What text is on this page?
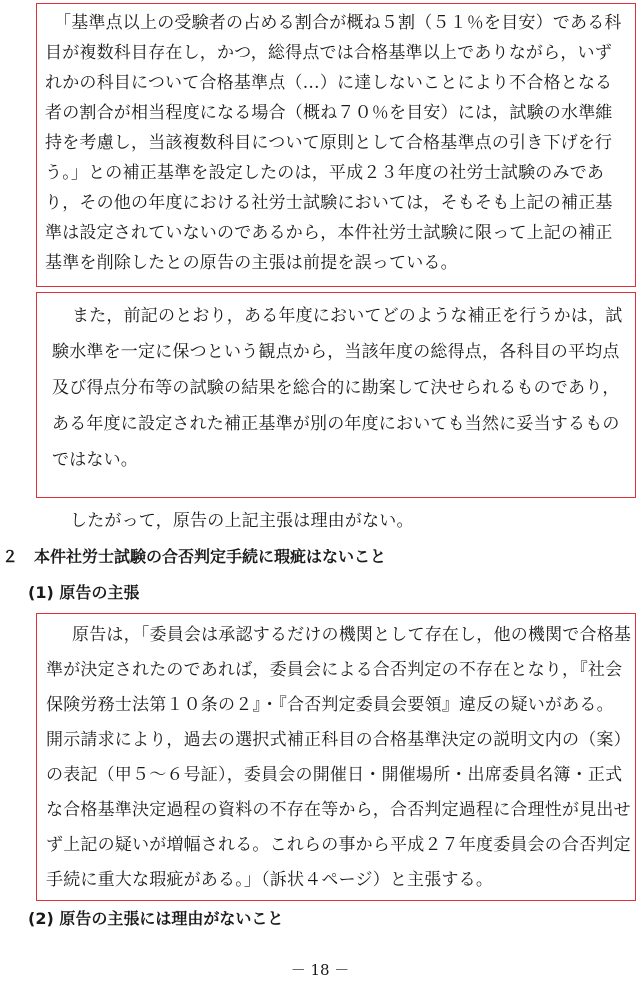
「基準点以上の受験者の占める割合が概ね５割（５１％を目安）である科
目が複数科目存在し，かつ，総得点では合格基準以上でありながら，いず
れかの科目について合格基準点（…）に達しないことにより不合格となる
者の割合が相当程度になる場合（概ね７０％を目安）には，試験の水準維
持を考慮し，当該複数科目について原則として合格基準点の引き下げを行
う。」との補正基準を設定したのは，平成２３年度の社労士試験のみであ
り，その他の年度における社労士試験においては，そもそも上記の補正基
準は設定されていないのであるから，本件社労士試験に限って上記の補正
基準を削除したとの原告の主張は前提を誤っている。
また，前記のとおり，ある年度においてどのような補正を行うかは，試
験水準を一定に保つという観点から，当該年度の総得点，各科目の平均点
及び得点分布等の試験の結果を総合的に勘案して決せられるものであり，
ある年度に設定された補正基準が別の年度においても当然に妥当するもの
ではない。
したがって，原告の上記主張は理由がない。
２　本件社労士試験の合否判定手続に瑕疵はないこと
(1) 原告の主張
原告は，「委員会は承認するだけの機関として存在し，他の機関で合格基
準が決定されたのであれば，委員会による合否判定の不存在となり，『社会
保険労務士法第１０条の２』・『合否判定委員会要領』違反の疑いがある。
開示請求により，過去の選択式補正科目の合格基準決定の説明文内の（案）
の表記（甲５～６号証），委員会の開催日・開催場所・出席委員名簿・正式
な合格基準決定過程の資料の不存在等から，合否判定過程に合理性が見出せ
ず上記の疑いが増幅される。これらの事から平成２７年度委員会の合否判定
手続に重大な瑕疵がある。」（訴状４ページ）と主張する。
(2) 原告の主張には理由がないこと
－ 18 －
